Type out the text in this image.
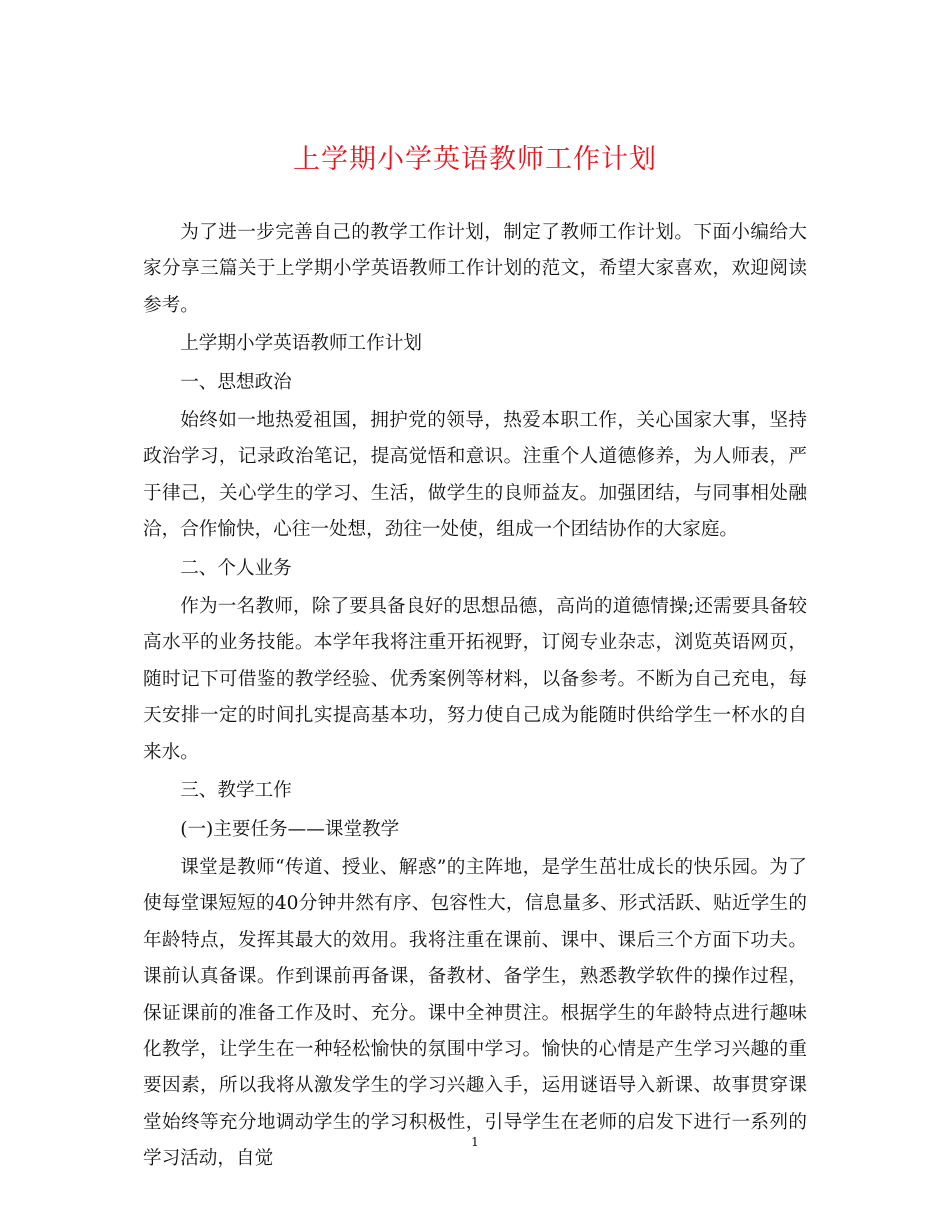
上学期小学英语教师工作计划

为了进一步完善自己的教学工作计划，制定了教师工作计划。下面小编给大家分享三篇关于上学期小学英语教师工作计划的范文，希望大家喜欢，欢迎阅读参考。

上学期小学英语教师工作计划

一、思想政治

始终如一地热爱祖国，拥护党的领导，热爱本职工作，关心国家大事，坚持政治学习，记录政治笔记，提高觉悟和意识。注重个人道德修养，为人师表，严于律己，关心学生的学习、生活，做学生的良师益友。加强团结，与同事相处融洽，合作愉快，心往一处想，劲往一处使，组成一个团结协作的大家庭。

二、个人业务

作为一名教师，除了要具备良好的思想品德，高尚的道德情操;还需要具备较高水平的业务技能。本学年我将注重开拓视野，订阅专业杂志，浏览英语网页，随时记下可借鉴的教学经验、优秀案例等材料，以备参考。不断为自己充电，每天安排一定的时间扎实提高基本功，努力使自己成为能随时供给学生一杯水的自来水。

三、教学工作

(一)主要任务——课堂教学

课堂是教师“传道、授业、解惑”的主阵地，是学生茁壮成长的快乐园。为了使每堂课短短的40分钟井然有序、包容性大，信息量多、形式活跃、贴近学生的年龄特点，发挥其最大的效用。我将注重在课前、课中、课后三个方面下功夫。课前认真备课。作到课前再备课，备教材、备学生，熟悉教学软件的操作过程，保证课前的准备工作及时、充分。课中全神贯注。根据学生的年龄特点进行趣味化教学，让学生在一种轻松愉快的氛围中学习。愉快的心情是产生学习兴趣的重要因素，所以我将从激发学生的学习兴趣入手，运用谜语导入新课、故事贯穿课堂始终等充分地调动学生的学习积极性，引导学生在老师的启发下进行一系列的学习活动，自觉

1
